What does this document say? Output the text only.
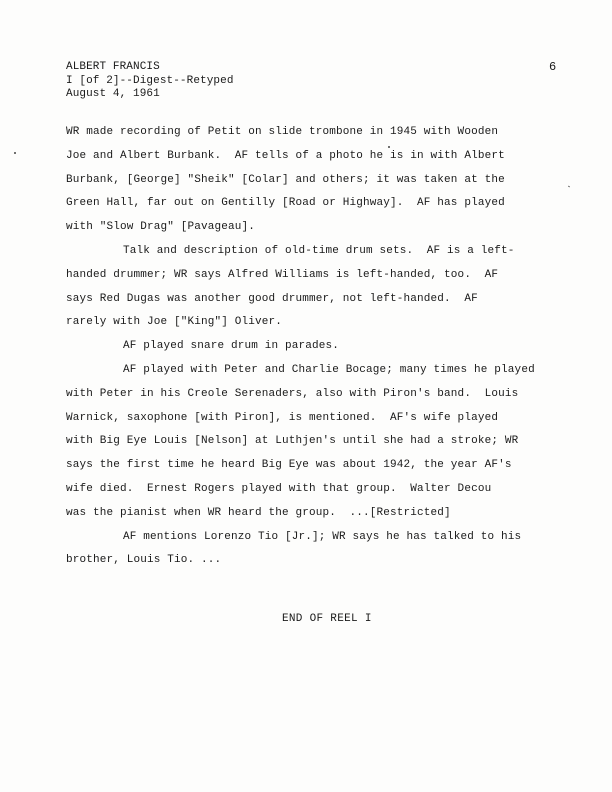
ALBERT FRANCIS
I [of 2]--Digest--Retyped
August 4, 1961
6

WR made recording of Petit on slide trombone in 1945 with Wooden
Joe and Albert Burbank.  AF tells of a photo he is in with Albert
Burbank, [George] "Sheik" [Colar] and others; it was taken at the
Green Hall, far out on Gentilly [Road or Highway].  AF has played
with "Slow Drag" [Pavageau].

Talk and description of old-time drum sets.  AF is a left-
handed drummer; WR says Alfred Williams is left-handed, too.  AF
says Red Dugas was another good drummer, not left-handed.  AF
rarely with Joe ["King"] Oliver.

AF played snare drum in parades.

AF played with Peter and Charlie Bocage; many times he played
with Peter in his Creole Serenaders, also with Piron's band.  Louis
Warnick, saxophone [with Piron], is mentioned.  AF's wife played
with Big Eye Louis [Nelson] at Luthjen's until she had a stroke; WR
says the first time he heard Big Eye was about 1942, the year AF's
wife died.  Ernest Rogers played with that group.  Walter Decou
was the pianist when WR heard the group.  ...[Restricted]

AF mentions Lorenzo Tio [Jr.]; WR says he has talked to his
brother, Louis Tio. ...

END OF REEL I
